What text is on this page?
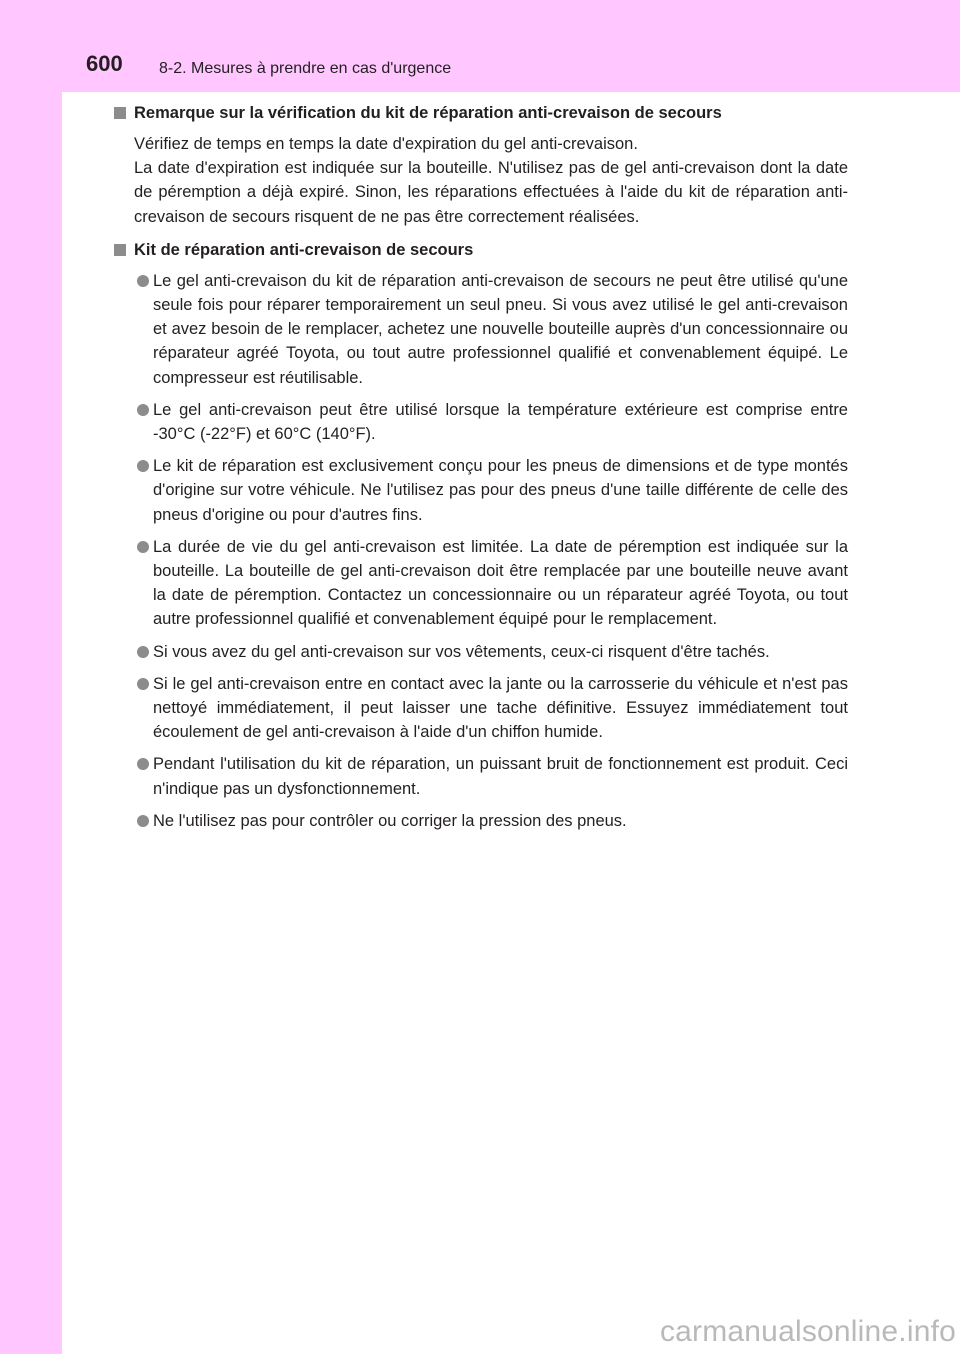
600 8-2. Mesures à prendre en cas d'urgence
Remarque sur la vérification du kit de réparation anti-crevaison de secours

Vérifiez de temps en temps la date d'expiration du gel anti-crevaison.

La date d'expiration est indiquée sur la bouteille. N'utilisez pas de gel anti-crevaison dont la date de péremption a déjà expiré. Sinon, les réparations effectuées à l'aide du kit de réparation anti-crevaison de secours risquent de ne pas être correctement réalisées.

Kit de réparation anti-crevaison de secours
Le gel anti-crevaison du kit de réparation anti-crevaison de secours ne peut être utilisé qu'une seule fois pour réparer temporairement un seul pneu. Si vous avez utilisé le gel anti-crevaison et avez besoin de le remplacer, achetez une nouvelle bouteille auprès d'un concessionnaire ou réparateur agréé Toyota, ou tout autre professionnel qualifié et convenablement équipé. Le compresseur est réutilisable.
Le gel anti-crevaison peut être utilisé lorsque la température extérieure est comprise entre -30°C (-22°F) et 60°C (140°F).
Le kit de réparation est exclusivement conçu pour les pneus de dimensions et de type montés d'origine sur votre véhicule. Ne l'utilisez pas pour des pneus d'une taille différente de celle des pneus d'origine ou pour d'autres fins.
La durée de vie du gel anti-crevaison est limitée. La date de péremption est indiquée sur la bouteille. La bouteille de gel anti-crevaison doit être remplacée par une bouteille neuve avant la date de péremption. Contactez un concessionnaire ou un réparateur agréé Toyota, ou tout autre professionnel qualifié et convenablement équipé pour le remplacement.
Si vous avez du gel anti-crevaison sur vos vêtements, ceux-ci risquent d'être tachés.
Si le gel anti-crevaison entre en contact avec la jante ou la carrosserie du véhicule et n'est pas nettoyé immédiatement, il peut laisser une tache définitive. Essuyez immédiatement tout écoulement de gel anti-crevaison à l'aide d'un chiffon humide.
Pendant l'utilisation du kit de réparation, un puissant bruit de fonctionnement est produit. Ceci n'indique pas un dysfonctionnement.
Ne l'utilisez pas pour contrôler ou corriger la pression des pneus.
carmanualsonline.info
